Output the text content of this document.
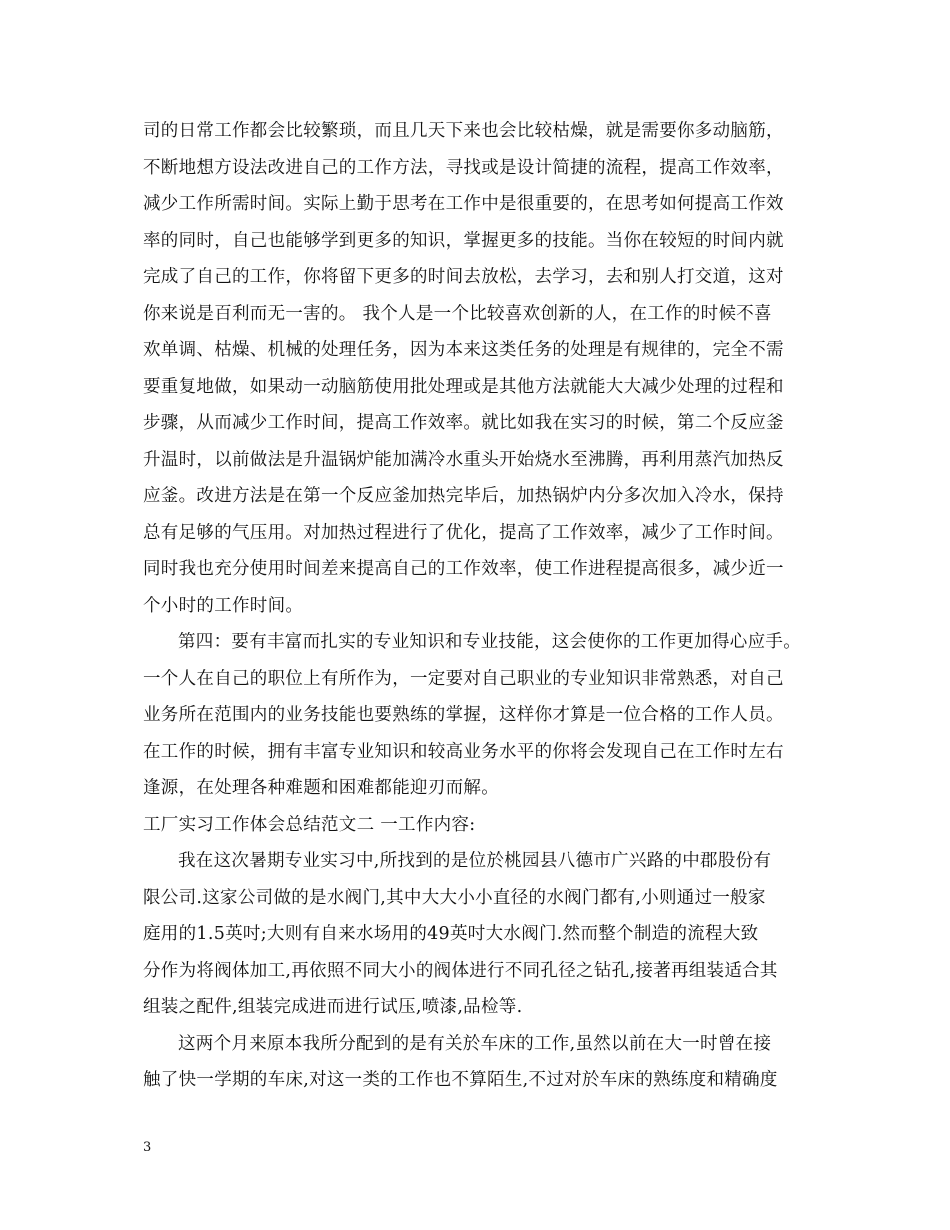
司的日常工作都会比较繁琐，而且几天下来也会比较枯燥，就是需要你多动脑筋，
不断地想方设法改进自己的工作方法，寻找或是设计简捷的流程，提高工作效率，
减少工作所需时间。实际上勤于思考在工作中是很重要的，在思考如何提高工作效
率的同时，自己也能够学到更多的知识，掌握更多的技能。当你在较短的时间内就
完成了自己的工作，你将留下更多的时间去放松，去学习，去和别人打交道，这对
你来说是百利而无一害的。 我个人是一个比较喜欢创新的人，在工作的时候不喜
欢单调、枯燥、机械的处理任务，因为本来这类任务的处理是有规律的，完全不需
要重复地做，如果动一动脑筋使用批处理或是其他方法就能大大减少处理的过程和
步骤，从而减少工作时间，提高工作效率。就比如我在实习的时候，第二个反应釜
升温时，以前做法是升温锅炉能加满冷水重头开始烧水至沸腾，再利用蒸汽加热反
应釜。改进方法是在第一个反应釜加热完毕后，加热锅炉内分多次加入冷水，保持
总有足够的气压用。对加热过程进行了优化，提高了工作效率，减少了工作时间。
同时我也充分使用时间差来提高自己的工作效率，使工作进程提高很多，减少近一
个小时的工作时间。
第四：要有丰富而扎实的专业知识和专业技能，这会使你的工作更加得心应手。
一个人在自己的职位上有所作为，一定要对自己职业的专业知识非常熟悉，对自己
业务所在范围内的业务技能也要熟练的掌握，这样你才算是一位合格的工作人员。
在工作的时候，拥有丰富专业知识和较高业务水平的你将会发现自己在工作时左右
逢源，在处理各种难题和困难都能迎刃而解。
工厂实习工作体会总结范文二 一工作内容:
我在这次暑期专业实习中,所找到的是位於桃园县八德市广兴路的中郡股份有
限公司.这家公司做的是水阀门,其中大大小小直径的水阀门都有,小则通过一般家
庭用的1.5英吋;大则有自来水场用的49英吋大水阀门.然而整个制造的流程大致
分作为将阀体加工,再依照不同大小的阀体进行不同孔径之钻孔,接著再组装适合其
组装之配件,组装完成进而进行试压,喷漆,品检等.
这两个月来原本我所分配到的是有关於车床的工作,虽然以前在大一时曾在接
触了快一学期的车床,对这一类的工作也不算陌生,不过对於车床的熟练度和精确度
3
